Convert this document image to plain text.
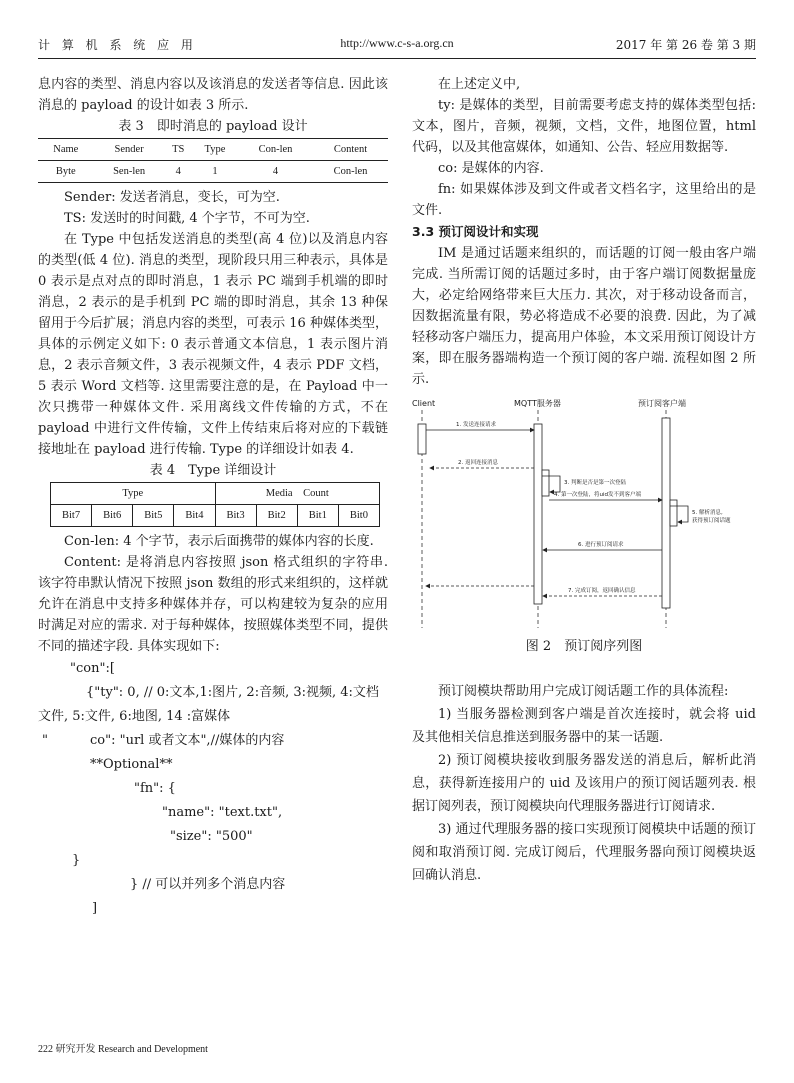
计 算 机 系 统 应 用	http://www.c-s-a.org.cn	2017 年 第 26 卷 第 3 期

息内容的类型、消息内容以及该消息的发送者等信息. 因此该消息的 payload 的设计如表 3 所示.

表 3　即时消息的 payload 设计
Name	Sender	TS	Type	Con-len	Content
Byte	Sen-len	4	1	4	Con-len

Sender: 发送者消息，变长，可为空.

TS: 发送时的时间戳, 4 个字节，不可为空.

在 Type 中包括发送消息的类型(高 4 位)以及消息内容的类型(低 4 位). 消息的类型，现阶段只用三种表示，具体是 0 表示是点对点的即时消息，1 表示 PC 端到手机端的即时消息，2 表示的是手机到 PC 端的即时消息，其余 13 种保留用于今后扩展；消息内容的类型，可表示 16 种媒体类型，具体的示例定义如下: 0 表示普通文本信息，1 表示图片消息，2 表示音频文件，3 表示视频文件，4 表示 PDF 文档，5 表示 Word 文档等. 这里需要注意的是，在 Payload 中一次只携带一种媒体文件. 采用离线文件传输的方式，不在 payload 中进行文件传输，文件上传结束后将对应的下载链接地址在 payload 进行传输. Type 的详细设计如表 4.

表 4　Type 详细设计
Type				Media　Count			
Bit7	Bit6	Bit5	Bit4	Bit3	Bit2	Bit1	Bit0

Con-len: 4 个字节，表示后面携带的媒体内容的长度.

Content: 是将消息内容按照 json 格式组织的字符串. 该字符串默认情况下按照 json 数组的形式来组织的，这样就允许在消息中支持多种媒体并存，可以构建较为复杂的应用时满足对应的需求. 对于每种媒体，按照媒体类型不同，提供不同的描述字段. 具体实现如下:

"con":[
{"ty": 0, // 0:文本,1:图片, 2:音频, 3:视频, 4:文档
文件, 5:文件, 6:地图, 14 :富媒体
"	co": "url 或者文本",//媒体的内容
**Optional**
"fn": {
"name": "text.txt",
"size": "500"
}
} // 可以并列多个消息内容
]

在上述定义中,

ty: 是媒体的类型，目前需要考虑支持的媒体类型包括: 文本，图片，音频，视频，文档，文件，地图位置，html 代码，以及其他富媒体，如通知、公告、轻应用数据等.

co: 是媒体的内容.

fn: 如果媒体涉及到文件或者文档名字，这里给出的是文件.

3.3 预订阅设计和实现

IM 是通过话题来组织的，而话题的订阅一般由客户端完成. 当所需订阅的话题过多时，由于客户端订阅数据量庞大，必定给网络带来巨大压力. 其次，对于移动设备而言，因数据流量有限，势必将造成不必要的浪费. 因此，为了减轻移动客户端压力，提高用户体验，本文采用预订阅设计方案，即在服务器端构造一个预订阅的客户端. 流程如图 2 所示.

Client	MQTT服务器	预订阅客户端
1. 发送连接请求
2. 返回连接消息
3. 判断是否是第一次登陆
4. 第一次登陆，将uid发不到客户端
5. 解析消息,
获得预订阅话题
6. 进行预订阅请求
7. 完成订阅，返回确认信息
图 2　预订阅序列图

预订阅模块帮助用户完成订阅话题工作的具体流程:

1) 当服务器检测到客户端是首次连接时，就会将 uid 及其他相关信息推送到服务器中的某一话题.

2) 预订阅模块接收到服务器发送的消息后，解析此消息，获得新连接用户的 uid 及该用户的预订阅话题列表. 根据订阅列表，预订阅模块向代理服务器进行订阅请求.

3) 通过代理服务器的接口实现预订阅模块中话题的预订阅和取消预订阅. 完成订阅后，代理服务器向预订阅模块返回确认消息.

222 研究开发 Research and Development
